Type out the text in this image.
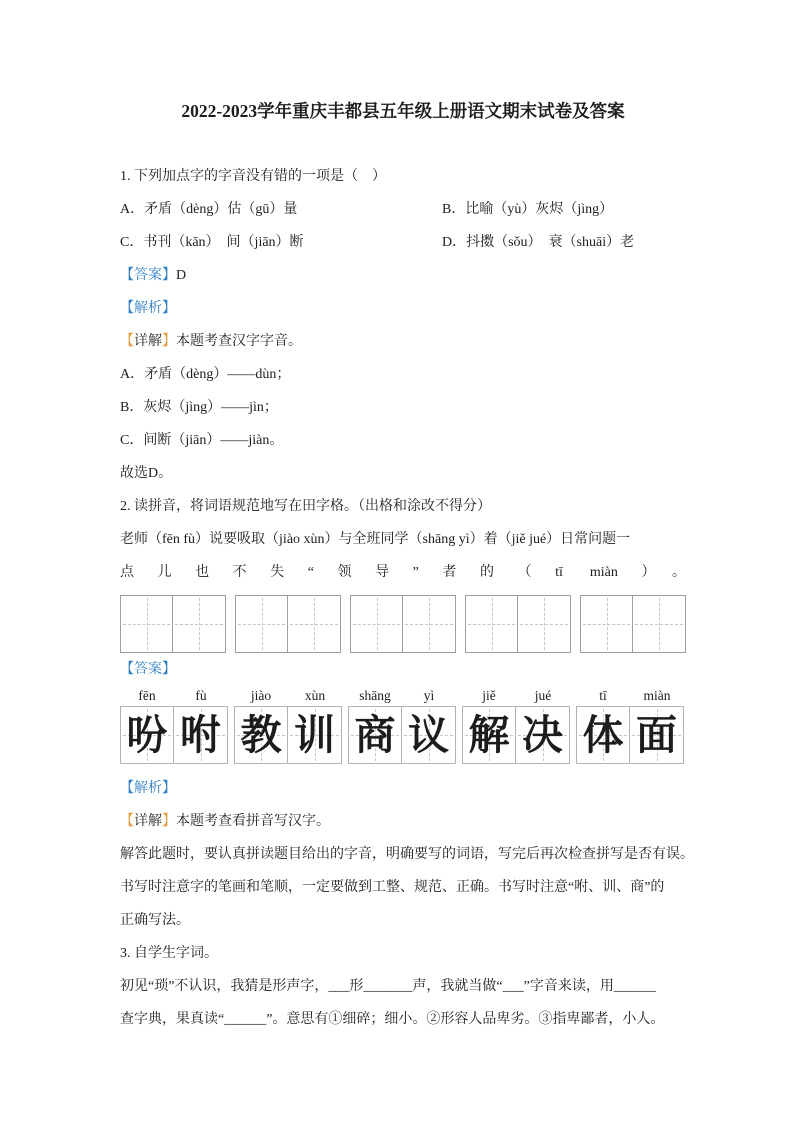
2022-2023学年重庆丰都县五年级上册语文期末试卷及答案
1. 下列加点字的字音没有错的一项是（　）
A．矛盾（dèng）估（gū）量	B．比喻（yù）灰烬（jìng）
C．书刊（kān）　间（jiān）断	D．抖擞（sǒu）　衰（shuāi）老
【答案】D
【解析】
【详解】本题考查汉字字音。
A．矛盾（dèng）——dùn；
B．灰烬（jìng）——jìn；
C．间断（jiān）——jiàn。
故选D。
2. 读拼音，将词语规范地写在田字格。（出格和涂改不得分）
老师（fēn fù）说要吸取（jiào xùn）与全班同学（shāng yì）着（jiě jué）日常问题一
点儿也不失“领导”者的（tī miàn）。
【答案】
fēn	fù
吩 咐
jiào	xùn
教 训
shāng	yì
商 议
jiě	jué
解 决
tī	miàn
体 面
【解析】
【详解】本题考查看拼音写汉字。
解答此题时，要认真拼读题目给出的字音，明确要写的词语，写完后再次检查拼写是否有误。
书写时注意字的笔画和笔顺，一定要做到工整、规范、正确。书写时注意“咐、训、商”的
正确写法。
3. 自学生字词。
初见“琐”不认识，我猜是形声字，___形_______声，我就当做“___”字音来读，用______
查字典，果真读“______”。意思有①细碎；细小。②形容人品卑劣。③指卑鄙者，小人。
